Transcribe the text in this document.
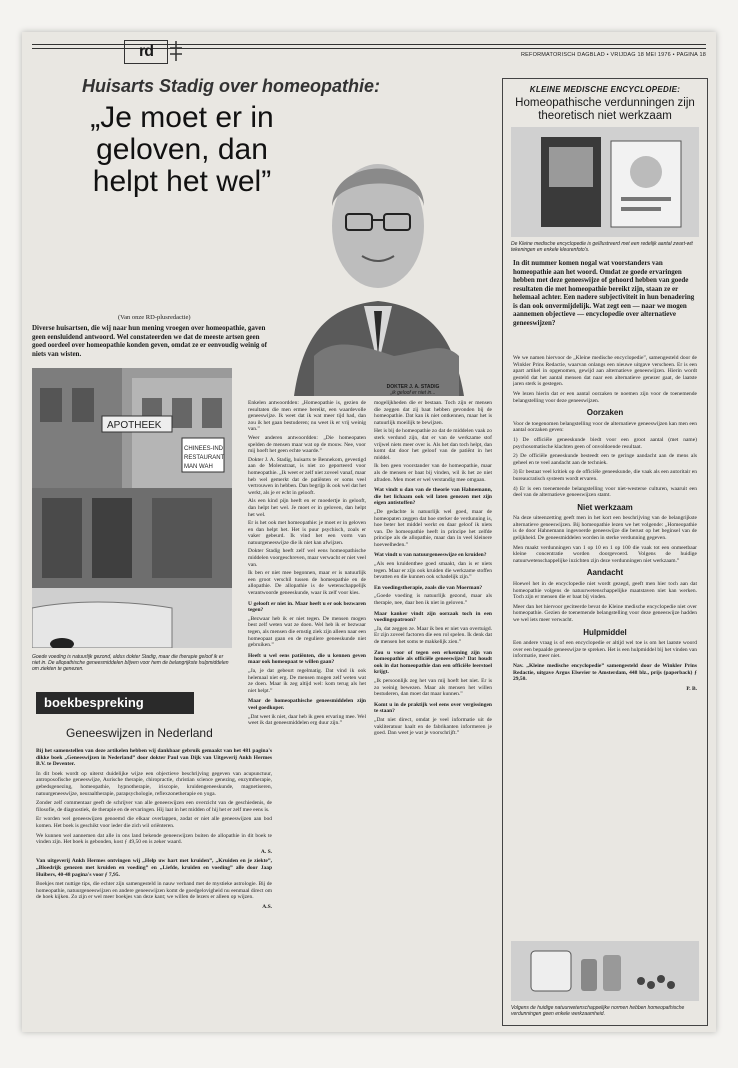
rd	REFORMATORISCH DAGBLAD • VRIJDAG 18 MEI 1976 • PAGINA 18
Huisarts Stadig over homeopathie:
„Je moet er in geloven, dan helpt het wel”
DOKTER J. A. STADIG
„ik geloof er niet in...
(Van onze RD-plusredactie)
Diverse huisartsen, die wij naar hun mening vroegen over homeopathie, gaven geen eensluidend antwoord. Wel constateerden we dat de meeste artsen geen goed oordeel over homeopathie konden geven, omdat ze er eenvoudig weinig of niets van wisten.
APOTHEEK
CHINEES-IND
RESTAURANT
MAN WAH
Goede voeding is natuurlijk gezond, aldus dokter Stadig, maar die therapie geloof ik er niet in. De allopathische geneesmiddelen blijven voor hem de belangrijkste hulpmiddelen om ziekten te genezen.

Enkelen antwoordden: „Homeopathie is, gezien de resultaten die men ermee bereikt, een waardevolle geneeswijze. Ik weet dat ik wat meer tijd had, dan zou ik het gaan bestuderen; nu weet ik er vrij weinig van.”

Weer anderen antwoordden: „Die homeopaten spelden de mensen maar wat op de mouw. Nee, voor mij hoeft het geen echte waarde.”

Dokter J. A. Stadig, huisarts te Bennekom, gevestigd aan de Molenstraat, is niet zo geporteerd voor homeopathie. „Ik weet er zelf niet zoveel vanaf, maar heb wel gemerkt dat de patiënten er soms veel vertrouwen in hebben. Dan begrijp ik ook wel dat het werkt, als je er echt in gelooft.

Als een kind pijn heeft en er moedertje in gelooft, dan helpt het wel. Je moet er in geloven, dan helpt het wel.

Er is het ook met homeopathie: je moet er in geloven en dan helpt het. Het is puur psychisch, zoals er vaker gebeurd. Ik vind het een vorm van natuurgeneeswijze die ik niet kan afwijzen.

Dokter Stadig heeft zelf wel eens homeopathische middelen voorgeschreven, maar verwacht er niet veel van.

Ik ben er niet mee begonnen, maar er is natuurlijk een groot verschil tussen de homeopathie en de allopathie. De allopathie is de wetenschappelijk verantwoorde geneeskunde, waar ik zelf voor kies.

U gelooft er niet in. Maar heeft u er ook bezwaren tegen?

„Bezwaar heb ik er niet tegen. De mensen mogen best zelf weten wat ze doen. Wel heb ik er bezwaar tegen, als mensen die ernstig ziek zijn alleen naar een homeopaat gaan en de reguliere geneeskunde niet gebruiken.”

Heeft u wel eens patiënten, die u kennen geven maar ook homeopaat te willen gaan?

„Ja, je dat gebeurt regelmatig. Dat vind ik ook helemaal niet erg. De mensen mogen zelf weten wat ze doen. Maar ik zeg altijd wel: kom terug als het niet helpt.”

Maar de homeopathische geneesmiddelen zijn veel goedkoper.

„Dat weet ik niet, daar heb ik geen ervaring mee. Wel weet ik dat geneesmiddelen erg duur zijn.”

mogelijkheden die er bestaan. Toch zijn er mensen die zeggen dat zij baat hebben gevonden bij de homeopathie. Dat kan ik niet ontkennen, maar het is natuurlijk moeilijk te bewijzen.

Het is bij de homeopathie zo dat de middelen vaak zo sterk verdund zijn, dat er van de werkzame stof vrijwel niets meer over is. Als het dan toch helpt, dan komt dat door het geloof van de patiënt in het middel.

Ik ben geen voorstander van de homeopathie, maar als de mensen er baat bij vinden, wil ik het ze niet afraden. Men moet er wel verstandig mee omgaan.

Wat vindt u dan van de theorie van Hahnemann, die het lichaam ook wil laten genezen met zijn eigen antistoffen?

„De gedachte is natuurlijk wel goed, maar de homeopaten zeggen dat hoe sterker de verdunning is, hoe beter het middel werkt en daar geloof ik niets van. De homeopathie heeft in principe het zelfde principe als de allopathie, maar dan in veel kleinere hoeveelheden.”

Wat vindt u van natuurgeneeswijze en kruiden?

„Als een kruidenthee goed smaakt, dan is er niets tegen. Maar er zijn ook kruiden die werkzame stoffen bevatten en die kunnen ook schadelijk zijn.”

En voedingstherapie, zoals die van Moerman?

„Goede voeding is natuurlijk gezond, maar als therapie, nee, daar ben ik niet in geloven.”

Maar kanker vindt zijn oorzaak toch in een voedingspatroon?

„Ja, dat zeggen ze. Maar ik ben er niet van overtuigd. Er zijn zoveel factoren die een rol spelen. Ik denk dat de mensen het soms te makkelijk zien.”

Zou u voor of tegen een erkenning zijn van homeopathie als officiële geneeswijze? Dat houdt ook in dat homeopathie dan een officiële leerstoel krijgt.

„Ik persoonlijk zeg het van mij hoeft het niet. Er is zo weinig bewezen. Maar als mensen het willen bestuderen, dan moet dat maar kunnen.”

Komt u in de praktijk wel eens over vergissingen te staan?

„Dat niet direct, omdat je veel informatie uit de vakliteratuur haalt en de fabrikanten informeren je goed. Dan weet je wat je voorschrijft.”

boekbespreking
Geneeswijzen in Nederland

Bij het samenstellen van deze artikelen hebben wij dankbaar gebruik gemaakt van het 481 pagina's dikke boek „Geneeswijzen in Nederland” door dokter Paul van Dijk van Uitgeverij Ankh Hermes B.V. te Deventer.

In dit boek wordt op uiterst duidelijke wijze een objectieve beschrijving gegeven van acupunctuur, antroposofische geneeswijze, Aurische therapie, chiropractie, christian science genezing, enzymtherapie, gebedsgenezing, homeopathie, hypnotherapie, iriscopie, kruidengeneeskunde, magnetiseren, natuurgeneeswijze, neuraaltherapie, parapsychologie, reflexzonetherapie en yoga.

Zonder zelf commentaar geeft de schrijver van alle geneeswijzen een overzicht van de geschiedenis, de filosofie, de diagnostiek, de therapie en de ervaringen. Hij laat in het midden of hij het er zelf mee eens is.

Er worden wel geneeswijzen genoemd die elkaar overlappen, zodat er niet alle geneeswijzen aan bod komen. Het boek is geschikt voor ieder die zich wil oriënteren.

We kunnen wel aannemen dat alle in ons land bekende geneeswijzen buiten de allopathie in dit boek te vinden zijn. Het boek is gebonden, kost ƒ 49,50 en is zeker waard.

A. S.

Van uitgeverij Ankh Hermes ontvingen wij „Help uw hart met kruiden”, „Kruiden en je ziekte”, „Bloedrijk genezen met kruiden en voeding” en „Liefde, kruiden en voeding” alle door Jaap Huibers, 40-48 pagina's voor ƒ 7,95.

Boekjes met nuttige tips, die echter zijn samengesteld in nauw verband met de mystieke astrologie. Bij de homeopathie, natuurgeneeswijzen en andere geneeswijzen komt de goedgelovigheid nu eenmaal direct om de hoek kijken. Zo zijn er wel meer boekjes van deze kant; we willen de lezers er alleen op wijzen.

A.S.

KLEINE MEDISCHE ENCYCLOPEDIE:
Homeopathische verdunningen zijn theoretisch niet werkzaam
De Kleine medische encyclopedie is geïllustreerd met een redelijk aantal zwart-wit tekeningen en enkele kleurenfoto's.
In dit nummer komen nogal wat voorstanders van homeopathie aan het woord. Omdat ze goede ervaringen hebben met deze geneeswijze of gehoord hebben van goede resultaten die met homeopathie bereikt zijn, staan ze er helemaal achter. Een nadere subjectiviteit in hun benadering is dan ook onvermijdelijk. Wat zegt een — naar we mogen aannemen objectieve — encyclopedie over alternatieve geneeswijzen?

We we namen hiervoor de „Kleine medische encyclopedie”, samengesteld door de Winkler Prins Redactie, waarvan onlangs een nieuwe uitgave verscheen. Er is een apart artikel in opgenomen, gewijd aan alternatieve geneeswijzen. Hierin wordt gesteld dat het aantal mensen dat naar een alternatieve genezer gaat, de laatste jaren sterk is gestegen.

We lezen hierin dat er een aantal oorzaken te noemen zijn voor de toenemende belangstelling voor deze geneeswijzen.

Oorzaken

Voor de toegenomen belangstelling voor de alternatieve geneeswijzen kan men een aantal oorzaken geven:

1) De officiële geneeskunde biedt voor een groot aantal (met name) psychosomatische klachten geen of onvoldoende resultaat.

2) De officiële geneeskunde besteedt een te geringe aandacht aan de mens als geheel en te veel aandacht aan de techniek.

3) Er bestaat veel kritiek op de officiële geneeskunde, die vaak als een autoritair en bureaucratisch systeem wordt ervaren.

4) Er is een toenemende belangstelling voor niet-westerse culturen, waaruit een deel van de alternatieve geneeswijzen stamt.

Niet werkzaam

Na deze uiteenzetting geeft men in het kort een beschrijving van de belangrijkste alternatieve geneeswijzen. Bij homeopathie lezen we het volgende: „Homeopathie is de door Hahnemann ingevoerde geneeswijze die berust op het beginsel van de gelijkheid. De geneesmiddelen worden in sterke verdunning gegeven.

Men maakt verdunningen van 1 op 10 en 1 op 100 die vaak tot een onmeetbaar kleine concentratie worden doorgevoerd. Volgens de huidige natuurwetenschappelijke inzichten zijn deze verdunningen niet werkzaam.”

Aandacht

Hoewel het in de encyclopedie niet wordt gezegd, geeft men hier toch aan dat homeopathie volgens de natuurwetenschappelijke maatstaven niet kan werken. Toch zijn er mensen die er baat bij vinden.

Meer dan het hiervoor geciteerde bevat de Kleine medische encyclopedie niet over homeopathie. Gezien de toenemende belangstelling voor deze geneeswijze hadden we wel iets meer verwacht.

Hulpmiddel

Een andere vraag is of een encyclopedie er altijd wel toe is om het laatste woord over een bepaalde geneeswijze te spreken. Het is een hulpmiddel bij het vinden van informatie, meer niet.

Nav. „Kleine medische encyclopedie” samengesteld door de Winkler Prins Redactie, uitgave Argus Elsevier te Amsterdam, 448 blz., prijs (paperback) ƒ 29,50.

P. B.

Volgens de huidige natuurwetenschappelijke normen hebben homeopathische verdunningen geen enkele werkzaamheid.
